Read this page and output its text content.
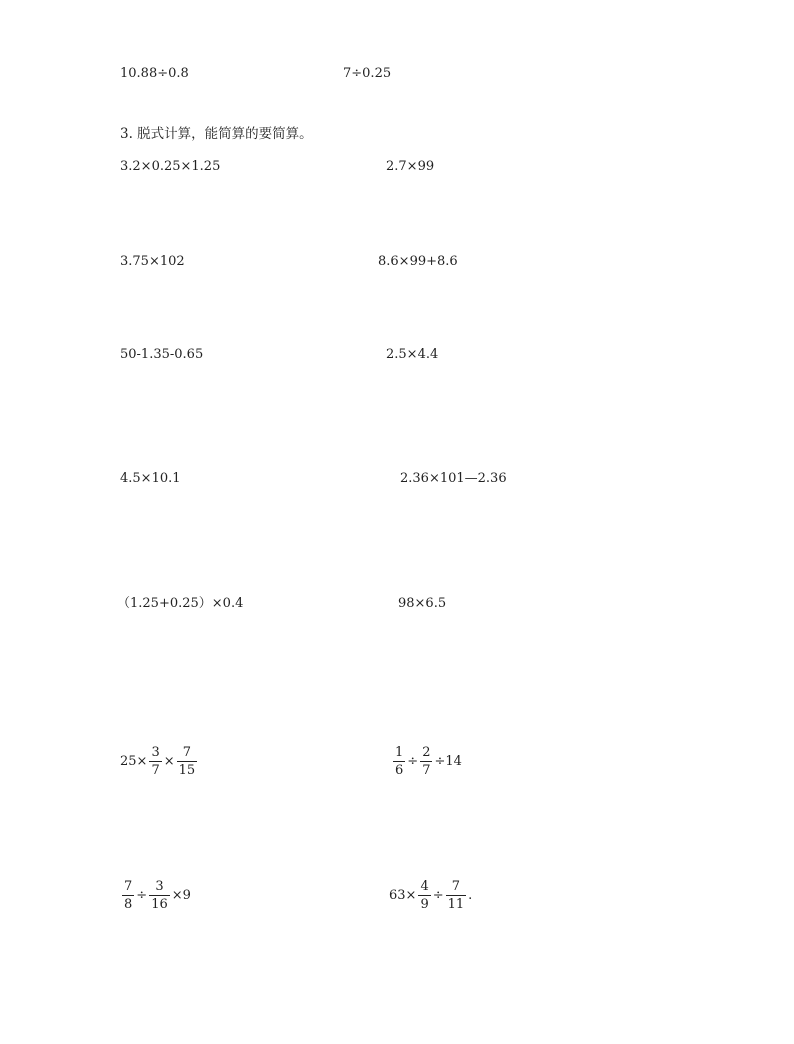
10.88÷0.8	7÷0.25
3. 脱式计算，能简算的要简算。
3.2×0.25×1.25	2.7×99
3.75×102	8.6×99+8.6
50-1.35-0.65	2.5×4.4
4.5×10.1	2.36×101—2.36
（1.25+0.25）×0.4	98×6.5
$25\times \frac{3}{7} \times \frac{7}{15}$	$\frac{1}{6} \div \frac{2}{7} \div 14$
$\frac{7}{8} \div \frac{3}{16} \times 9$	$63\times \frac{4}{9} \div \frac{7}{11}$ .
